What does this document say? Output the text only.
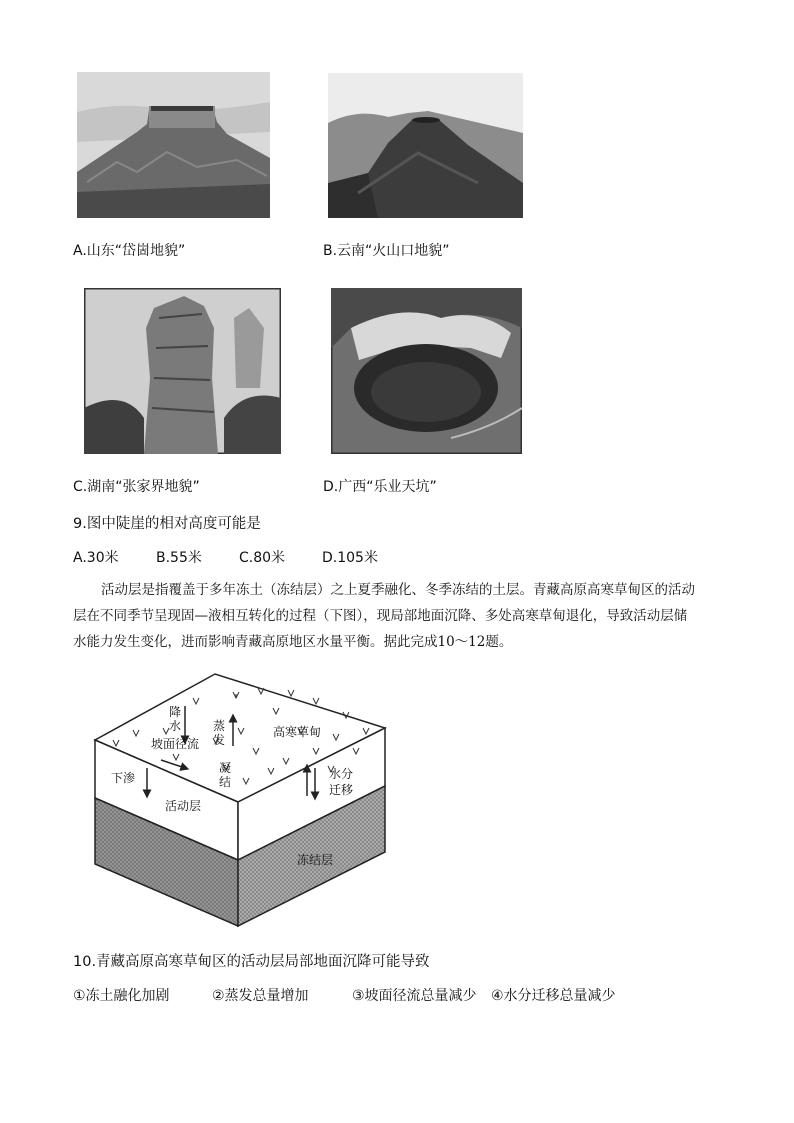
A.山东“岱崮地貌”	B.云南“火山口地貌”
C.湖南“张家界地貌”	D.广西“乐业天坑”
9.图中陡崖的相对高度可能是
A.30米	B.55米	C.80米	D.105米
活动层是指覆盖于多年冻土（冻结层）之上夏季融化、冬季冻结的土层。青藏高原高寒草甸区的活动
层在不同季节呈现固—液相互转化的过程（下图），现局部地面沉降、多处高寒草甸退化，导致活动层储
水能力发生变化，进而影响青藏高原地区水量平衡。据此完成10～12题。
降
水	蒸
发
高寒草甸
坡面径流
下渗
凝
结
水分
迁移
活动层
冻结层
10.青藏高原高寒草甸区的活动层局部地面沉降可能导致
①冻土融化加剧	②蒸发总量增加	③坡面径流总量减少 ④水分迁移总量减少
